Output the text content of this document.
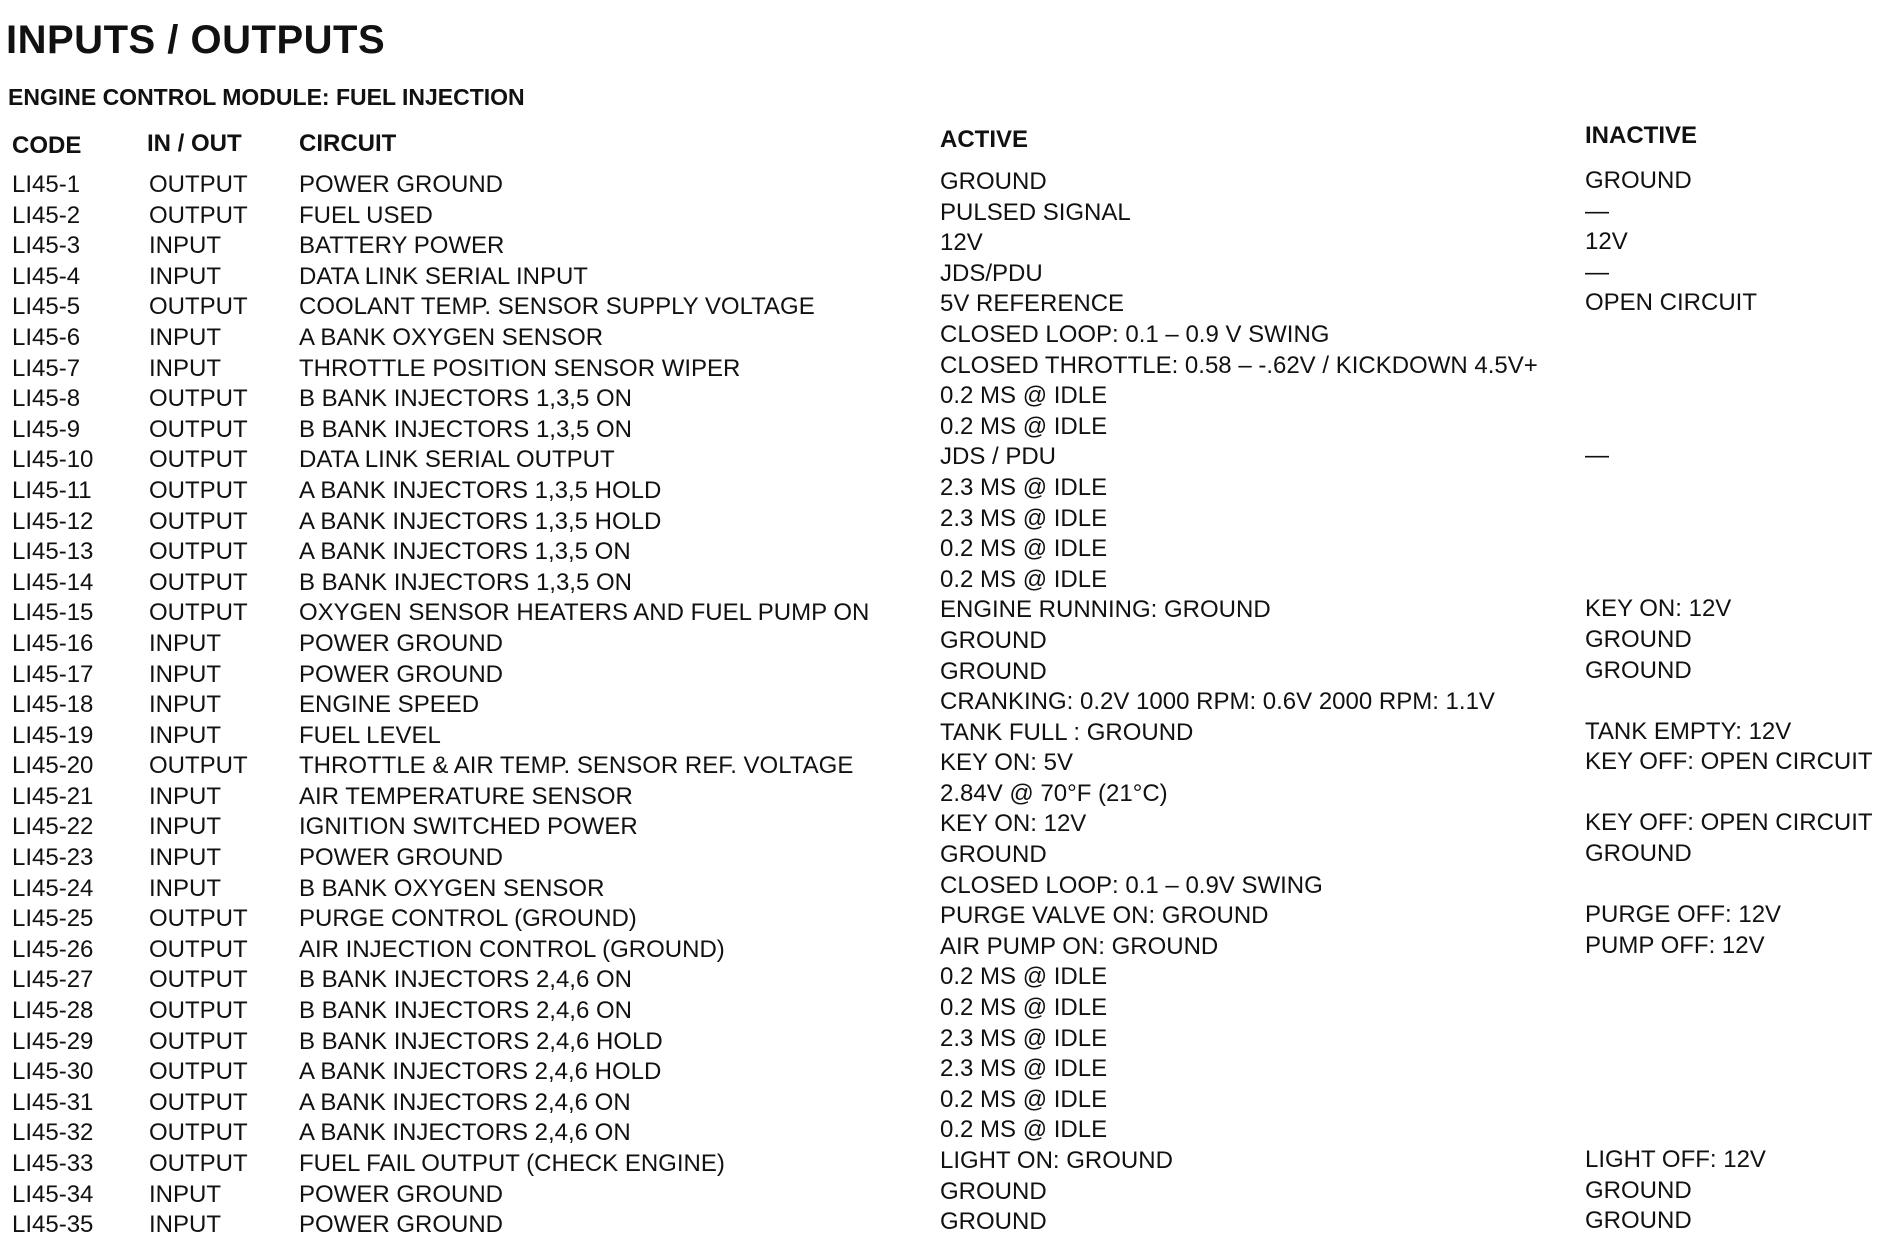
INPUTS / OUTPUTS
ENGINE CONTROL MODULE: FUEL INJECTION
CODE	IN / OUT CIRCUIT	ACTIVE	INACTIVE
LI45-1	OUTPUT POWER GROUND	GROUND	GROUND
LI45-2	OUTPUT FUEL USED	PULSED SIGNAL	—
LI45-3	INPUT	BATTERY POWER	12V	12V
LI45-4	INPUT	DATA LINK SERIAL INPUT	JDS/PDU	—
LI45-5	OUTPUT COOLANT TEMP. SENSOR SUPPLY VOLTAGE	5V REFERENCE	OPEN CIRCUIT
LI45-6	INPUT	A BANK OXYGEN SENSOR	CLOSED LOOP: 0.1 – 0.9 V SWING
LI45-7	INPUT	THROTTLE POSITION SENSOR WIPER	CLOSED THROTTLE: 0.58 – -.62V / KICKDOWN 4.5V+
LI45-8	OUTPUT B BANK INJECTORS 1,3,5 ON	0.2 MS @ IDLE
LI45-9	OUTPUT B BANK INJECTORS 1,3,5 ON	0.2 MS @ IDLE
LI45-10 OUTPUT DATA LINK SERIAL OUTPUT	JDS / PDU	—
LI45-11 OUTPUT A BANK INJECTORS 1,3,5 HOLD	2.3 MS @ IDLE
LI45-12 OUTPUT A BANK INJECTORS 1,3,5 HOLD	2.3 MS @ IDLE
LI45-13 OUTPUT A BANK INJECTORS 1,3,5 ON	0.2 MS @ IDLE
LI45-14 OUTPUT B BANK INJECTORS 1,3,5 ON	0.2 MS @ IDLE
LI45-15 OUTPUT OXYGEN SENSOR HEATERS AND FUEL PUMP ON	ENGINE RUNNING: GROUND	KEY ON: 12V
LI45-16 INPUT	POWER GROUND	GROUND	GROUND
LI45-17 INPUT	POWER GROUND	GROUND	GROUND
LI45-18 INPUT	ENGINE SPEED	CRANKING: 0.2V 1000 RPM: 0.6V 2000 RPM: 1.1V
LI45-19 INPUT	FUEL LEVEL	TANK FULL : GROUND	TANK EMPTY: 12V
LI45-20 OUTPUT THROTTLE & AIR TEMP. SENSOR REF. VOLTAGE	KEY ON: 5V	KEY OFF: OPEN CIRCUIT
LI45-21 INPUT	AIR TEMPERATURE SENSOR	2.84V @ 70°F (21°C)
LI45-22 INPUT	IGNITION SWITCHED POWER	KEY ON: 12V	KEY OFF: OPEN CIRCUIT
LI45-23 INPUT	POWER GROUND	GROUND	GROUND
LI45-24 INPUT	B BANK OXYGEN SENSOR	CLOSED LOOP: 0.1 – 0.9V SWING
LI45-25 OUTPUT PURGE CONTROL (GROUND)	PURGE VALVE ON: GROUND	PURGE OFF: 12V
LI45-26 OUTPUT AIR INJECTION CONTROL (GROUND)	AIR PUMP ON: GROUND	PUMP OFF: 12V
LI45-27 OUTPUT B BANK INJECTORS 2,4,6 ON	0.2 MS @ IDLE
LI45-28 OUTPUT B BANK INJECTORS 2,4,6 ON	0.2 MS @ IDLE
LI45-29 OUTPUT B BANK INJECTORS 2,4,6 HOLD	2.3 MS @ IDLE
LI45-30 OUTPUT A BANK INJECTORS 2,4,6 HOLD	2.3 MS @ IDLE
LI45-31 OUTPUT A BANK INJECTORS 2,4,6 ON	0.2 MS @ IDLE
LI45-32 OUTPUT A BANK INJECTORS 2,4,6 ON	0.2 MS @ IDLE
LI45-33 OUTPUT FUEL FAIL OUTPUT (CHECK ENGINE)	LIGHT ON: GROUND	LIGHT OFF: 12V
LI45-34 INPUT	POWER GROUND	GROUND	GROUND
LI45-35 INPUT	POWER GROUND	GROUND	GROUND
